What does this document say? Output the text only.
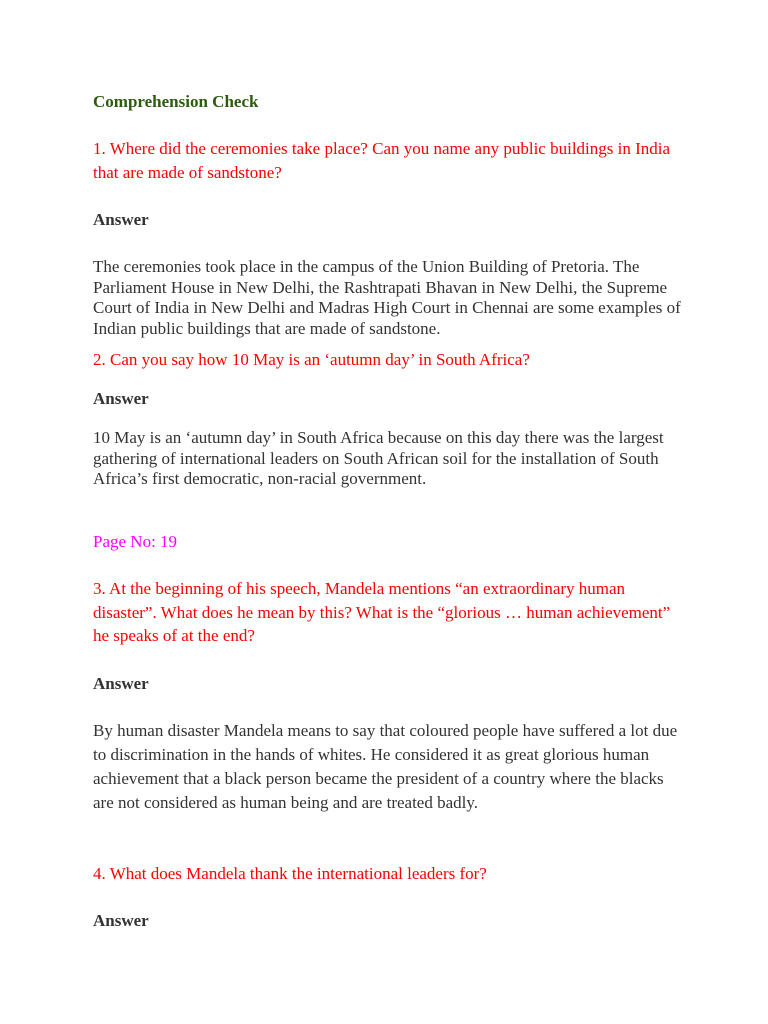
Comprehension Check

1. Where did the ceremonies take place? Can you name any public buildings in India that are made of sandstone?

Answer

The ceremonies took place in the campus of the Union Building of Pretoria. The Parliament House in New Delhi, the Rashtrapati Bhavan in New Delhi, the Supreme Court of India in New Delhi and Madras High Court in Chennai are some examples of Indian public buildings that are made of sandstone.

2. Can you say how 10 May is an ‘autumn day’ in South Africa?

Answer

10 May is an ‘autumn day’ in South Africa because on this day there was the largest gathering of international leaders on South African soil for the installation of South Africa’s first democratic, non-racial government.

Page No: 19

3. At the beginning of his speech, Mandela mentions “an extraordinary human disaster”. What does he mean by this? What is the “glorious … human achievement” he speaks of at the end?

Answer

By human disaster Mandela means to say that coloured people have suffered a lot due to discrimination in the hands of whites. He considered it as great glorious human achievement that a black person became the president of a country where the blacks are not considered as human being and are treated badly.

4. What does Mandela thank the international leaders for?

Answer
